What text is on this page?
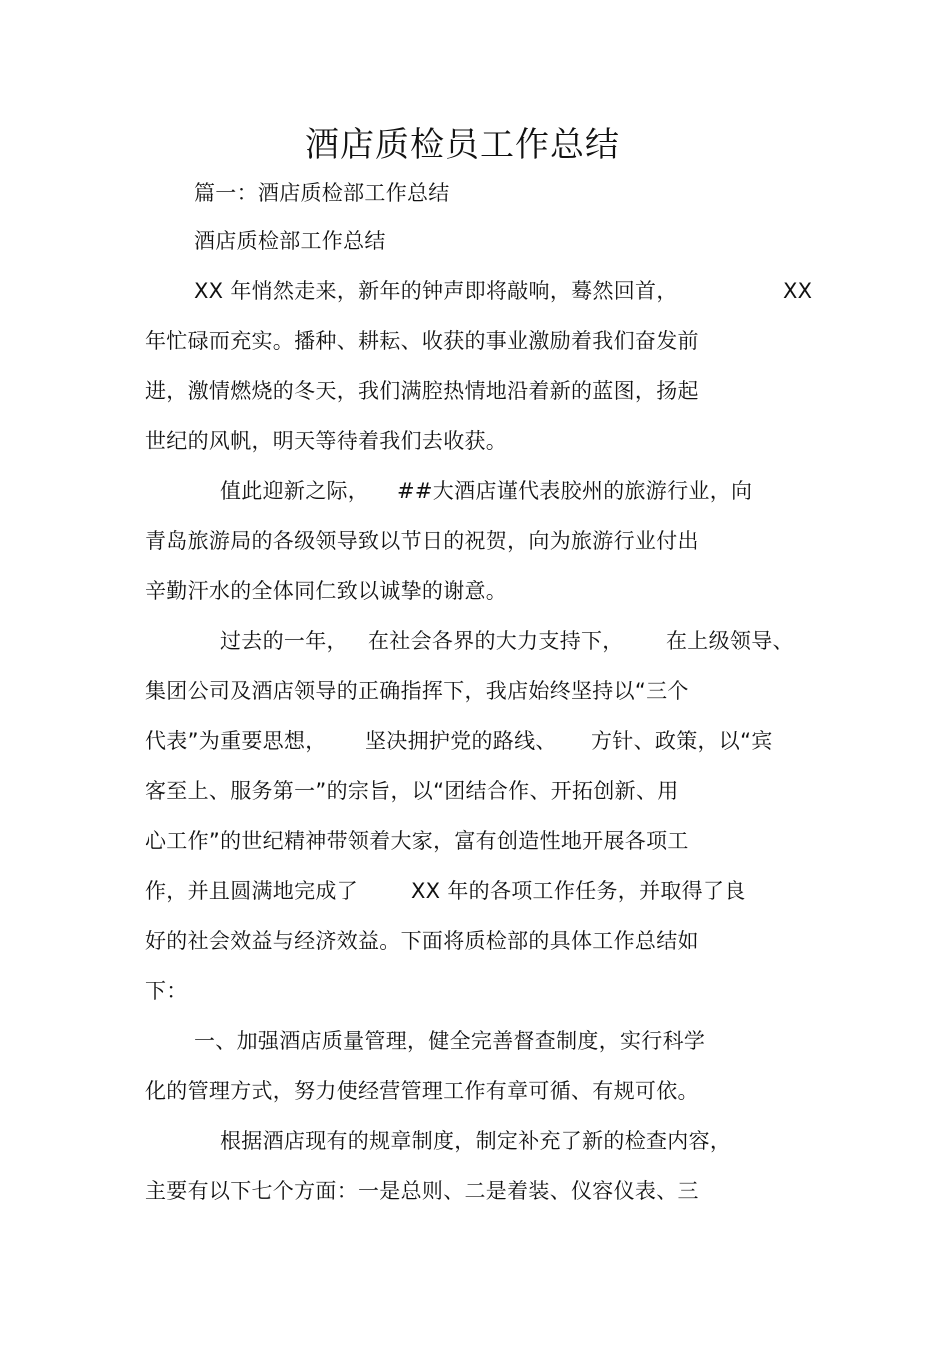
酒店质检员工作总结
篇一：酒店质检部工作总结
酒店质检部工作总结
XX 年悄然走来，新年的钟声即将敲响，蓦然回首，	XX
年忙碌而充实。播种、耕耘、收获的事业激励着我们奋发前
进，激情燃烧的冬天，我们满腔热情地沿着新的蓝图，扬起
世纪的风帆，明天等待着我们去收获。
值此迎新之际， ##大酒店谨代表胶州的旅游行业，向
青岛旅游局的各级领导致以节日的祝贺，向为旅游行业付出
辛勤汗水的全体同仁致以诚挚的谢意。
过去的一年， 在社会各界的大力支持下， 在上级领导、
集团公司及酒店领导的正确指挥下，我店始终坚持以“三个
代表”为重要思想， 坚决拥护党的路线、 方针、政策，以“宾
客至上、服务第一”的宗旨，以“团结合作、开拓创新、用
心工作”的世纪精神带领着大家，富有创造性地开展各项工
作，并且圆满地完成了	XX 年的各项工作任务，并取得了良
好的社会效益与经济效益。下面将质检部的具体工作总结如
下：
一、加强酒店质量管理，健全完善督查制度，实行科学
化的管理方式，努力使经营管理工作有章可循、有规可依。
根据酒店现有的规章制度，制定补充了新的检查内容，
主要有以下七个方面：一是总则、二是着装、仪容仪表、三
